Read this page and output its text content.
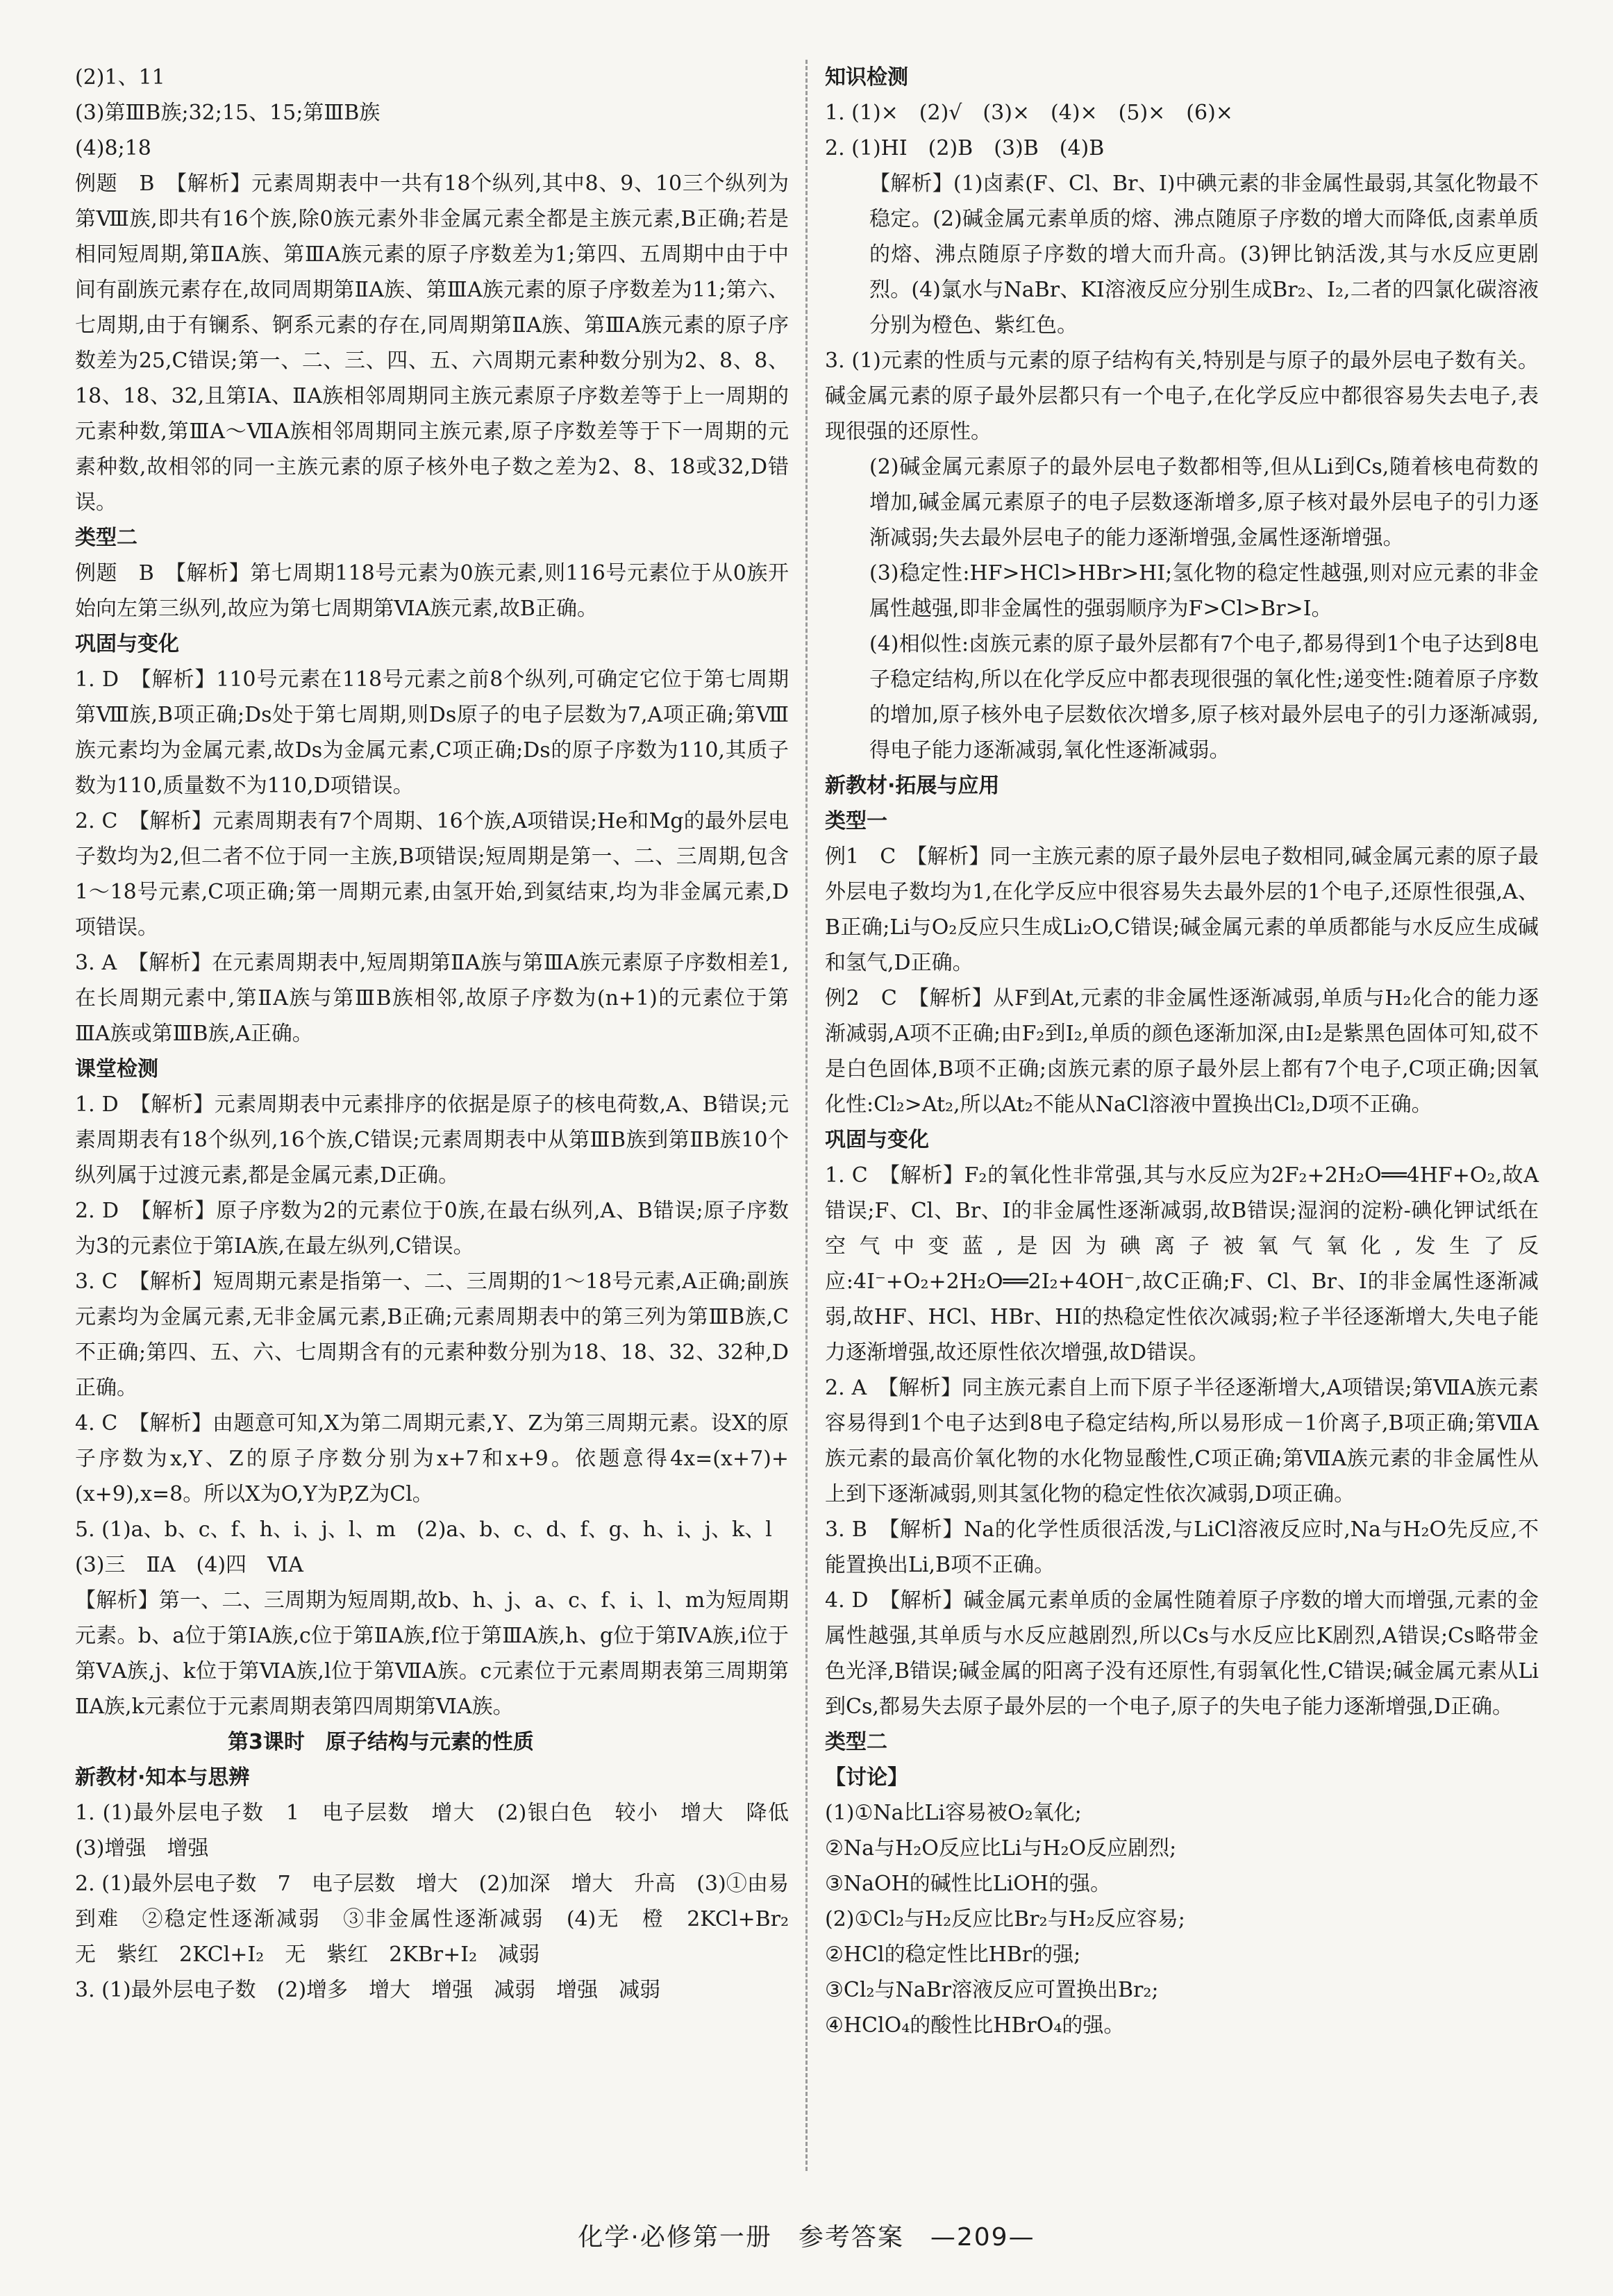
(2)1、11

(3)第ⅢB族;32;15、15;第ⅢB族

(4)8;18

例题　B　【解析】元素周期表中一共有18个纵列,其中8、9、10三个纵列为第Ⅷ族,即共有16个族,除0族元素外非金属元素全都是主族元素,B正确;若是相同短周期,第ⅡA族、第ⅢA族元素的原子序数差为1;第四、五周期中由于中间有副族元素存在,故同周期第ⅡA族、第ⅢA族元素的原子序数差为11;第六、七周期,由于有镧系、锕系元素的存在,同周期第ⅡA族、第ⅢA族元素的原子序数差为25,C错误;第一、二、三、四、五、六周期元素种数分别为2、8、8、18、18、32,且第ⅠA、ⅡA族相邻周期同主族元素原子序数差等于上一周期的元素种数,第ⅢA～ⅦA族相邻周期同主族元素,原子序数差等于下一周期的元素种数,故相邻的同一主族元素的原子核外电子数之差为2、8、18或32,D错误。

类型二

例题　B　【解析】第七周期118号元素为0族元素,则116号元素位于从0族开始向左第三纵列,故应为第七周期第ⅥA族元素,故B正确。

巩固与变化

1. D　【解析】110号元素在118号元素之前8个纵列,可确定它位于第七周期第Ⅷ族,B项正确;Ds处于第七周期,则Ds原子的电子层数为7,A项正确;第Ⅷ族元素均为金属元素,故Ds为金属元素,C项正确;Ds的原子序数为110,其质子数为110,质量数不为110,D项错误。

2. C　【解析】元素周期表有7个周期、16个族,A项错误;He和Mg的最外层电子数均为2,但二者不位于同一主族,B项错误;短周期是第一、二、三周期,包含1～18号元素,C项正确;第一周期元素,由氢开始,到氦结束,均为非金属元素,D项错误。

3. A　【解析】在元素周期表中,短周期第ⅡA族与第ⅢA族元素原子序数相差1,在长周期元素中,第ⅡA族与第ⅢB族相邻,故原子序数为(n+1)的元素位于第ⅢA族或第ⅢB族,A正确。

课堂检测

1. D　【解析】元素周期表中元素排序的依据是原子的核电荷数,A、B错误;元素周期表有18个纵列,16个族,C错误;元素周期表中从第ⅢB族到第ⅡB族10个纵列属于过渡元素,都是金属元素,D正确。

2. D　【解析】原子序数为2的元素位于0族,在最右纵列,A、B错误;原子序数为3的元素位于第ⅠA族,在最左纵列,C错误。

3. C　【解析】短周期元素是指第一、二、三周期的1～18号元素,A正确;副族元素均为金属元素,无非金属元素,B正确;元素周期表中的第三列为第ⅢB族,C不正确;第四、五、六、七周期含有的元素种数分别为18、18、32、32种,D正确。

4. C　【解析】由题意可知,X为第二周期元素,Y、Z为第三周期元素。设X的原子序数为x,Y、Z的原子序数分别为x+7和x+9。依题意得4x=(x+7)+(x+9),x=8。所以X为O,Y为P,Z为Cl。

5. (1)a、b、c、f、h、i、j、l、m　(2)a、b、c、d、f、g、h、i、j、k、l
(3)三　ⅡA　(4)四　ⅥA
【解析】第一、二、三周期为短周期,故b、h、j、a、c、f、i、l、m为短周期元素。b、a位于第ⅠA族,c位于第ⅡA族,f位于第ⅢA族,h、g位于第ⅣA族,i位于第ⅤA族,j、k位于第ⅥA族,l位于第ⅦA族。c元素位于元素周期表第三周期第ⅡA族,k元素位于元素周期表第四周期第ⅥA族。

第3课时　原子结构与元素的性质

新教材·知本与思辨

1. (1)最外层电子数　1　电子层数　增大　(2)银白色　较小　增大　降低　(3)增强　增强

2. (1)最外层电子数　7　电子层数　增大　(2)加深　增大　升高　(3)①由易到难　②稳定性逐渐减弱　③非金属性逐渐减弱　(4)无　橙　2KCl+Br₂　无　紫红　2KCl+I₂　无　紫红　2KBr+I₂　减弱

3. (1)最外层电子数　(2)增多　增大　增强　减弱　增强　减弱

知识检测

1. (1)×　(2)√　(3)×　(4)×　(5)×　(6)×

2. (1)HI　(2)B　(3)B　(4)B

【解析】(1)卤素(F、Cl、Br、I)中碘元素的非金属性最弱,其氢化物最不稳定。(2)碱金属元素单质的熔、沸点随原子序数的增大而降低,卤素单质的熔、沸点随原子序数的增大而升高。(3)钾比钠活泼,其与水反应更剧烈。(4)氯水与NaBr、KI溶液反应分别生成Br₂、I₂,二者的四氯化碳溶液分别为橙色、紫红色。

3. (1)元素的性质与元素的原子结构有关,特别是与原子的最外层电子数有关。碱金属元素的原子最外层都只有一个电子,在化学反应中都很容易失去电子,表现很强的还原性。

(2)碱金属元素原子的最外层电子数都相等,但从Li到Cs,随着核电荷数的增加,碱金属元素原子的电子层数逐渐增多,原子核对最外层电子的引力逐渐减弱;失去最外层电子的能力逐渐增强,金属性逐渐增强。

(3)稳定性:HF>HCl>HBr>HI;氢化物的稳定性越强,则对应元素的非金属性越强,即非金属性的强弱顺序为F>Cl>Br>I。

(4)相似性:卤族元素的原子最外层都有7个电子,都易得到1个电子达到8电子稳定结构,所以在化学反应中都表现很强的氧化性;递变性:随着原子序数的增加,原子核外电子层数依次增多,原子核对最外层电子的引力逐渐减弱,得电子能力逐渐减弱,氧化性逐渐减弱。

新教材·拓展与应用

类型一

例1　C　【解析】同一主族元素的原子最外层电子数相同,碱金属元素的原子最外层电子数均为1,在化学反应中很容易失去最外层的1个电子,还原性很强,A、B正确;Li与O₂反应只生成Li₂O,C错误;碱金属元素的单质都能与水反应生成碱和氢气,D正确。

例2　C　【解析】从F到At,元素的非金属性逐渐减弱,单质与H₂化合的能力逐渐减弱,A项不正确;由F₂到I₂,单质的颜色逐渐加深,由I₂是紫黑色固体可知,砹不是白色固体,B项不正确;卤族元素的原子最外层上都有7个电子,C项正确;因氧化性:Cl₂>At₂,所以At₂不能从NaCl溶液中置换出Cl₂,D项不正确。

巩固与变化

1. C　【解析】F₂的氧化性非常强,其与水反应为2F₂+2H₂O══4HF+O₂,故A错误;F、Cl、Br、I的非金属性逐渐减弱,故B错误;湿润的淀粉-碘化钾试纸在空气中变蓝,是因为碘离子被氧气氧化,发生了反应:4I⁻+O₂+2H₂O══2I₂+4OH⁻,故C正确;F、Cl、Br、I的非金属性逐渐减弱,故HF、HCl、HBr、HI的热稳定性依次减弱;粒子半径逐渐增大,失电子能力逐渐增强,故还原性依次增强,故D错误。

2. A　【解析】同主族元素自上而下原子半径逐渐增大,A项错误;第ⅦA族元素容易得到1个电子达到8电子稳定结构,所以易形成－1价离子,B项正确;第ⅦA族元素的最高价氧化物的水化物显酸性,C项正确;第ⅦA族元素的非金属性从上到下逐渐减弱,则其氢化物的稳定性依次减弱,D项正确。

3. B　【解析】Na的化学性质很活泼,与LiCl溶液反应时,Na与H₂O先反应,不能置换出Li,B项不正确。

4. D　【解析】碱金属元素单质的金属性随着原子序数的增大而增强,元素的金属性越强,其单质与水反应越剧烈,所以Cs与水反应比K剧烈,A错误;Cs略带金色光泽,B错误;碱金属的阳离子没有还原性,有弱氧化性,C错误;碱金属元素从Li到Cs,都易失去原子最外层的一个电子,原子的失电子能力逐渐增强,D正确。

类型二

【讨论】

(1)①Na比Li容易被O₂氧化;

②Na与H₂O反应比Li与H₂O反应剧烈;

③NaOH的碱性比LiOH的强。

(2)①Cl₂与H₂反应比Br₂与H₂反应容易;

②HCl的稳定性比HBr的强;

③Cl₂与NaBr溶液反应可置换出Br₂;

④HClO₄的酸性比HBrO₄的强。

化学·必修第一册　参考答案　—209—
